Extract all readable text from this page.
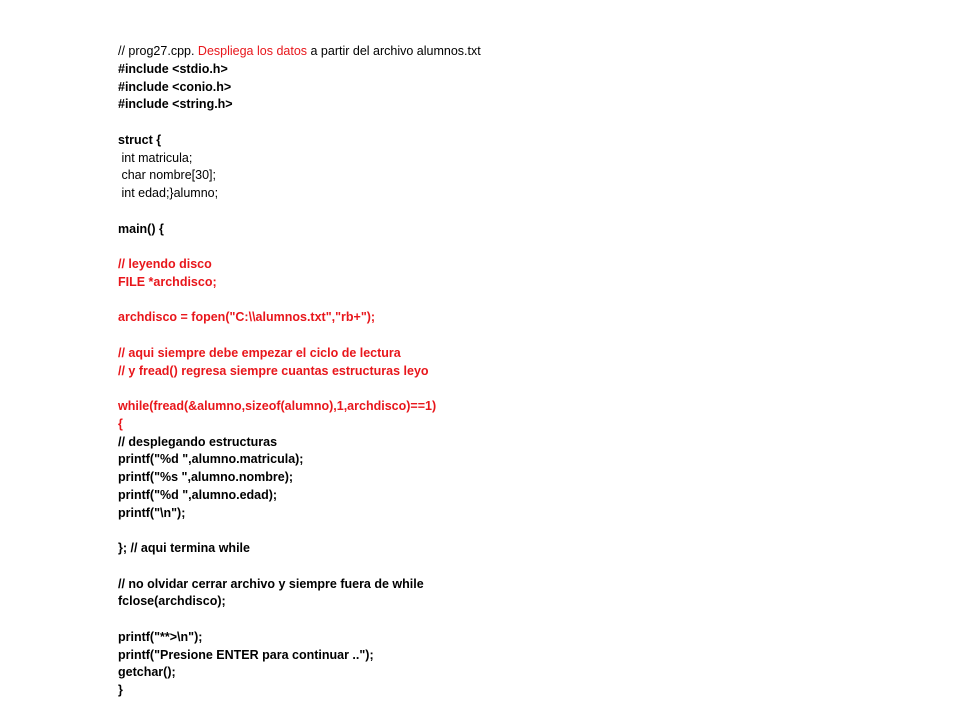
// prog27.cpp. Despliega los datos a partir del archivo alumnos.txt
#include <stdio.h>
#include <conio.h>
#include <string.h>
struct {
int matricula;
char nombre[30];
int edad;}alumno;
main() {
// leyendo disco
FILE *archdisco;
archdisco = fopen("C:\\alumnos.txt","rb+");
// aqui siempre debe empezar el ciclo de lectura
// y fread() regresa siempre cuantas estructuras leyo
while(fread(&alumno,sizeof(alumno),1,archdisco)==1)
{
// desplegando estructuras
printf("%d ",alumno.matricula);
printf("%s ",alumno.nombre);
printf("%d ",alumno.edad);
printf("\n");
}; // aqui termina while
// no olvidar cerrar archivo y siempre fuera de while
fclose(archdisco);
printf("**>\n");
printf("Presione ENTER para continuar ..");
getchar();
}
